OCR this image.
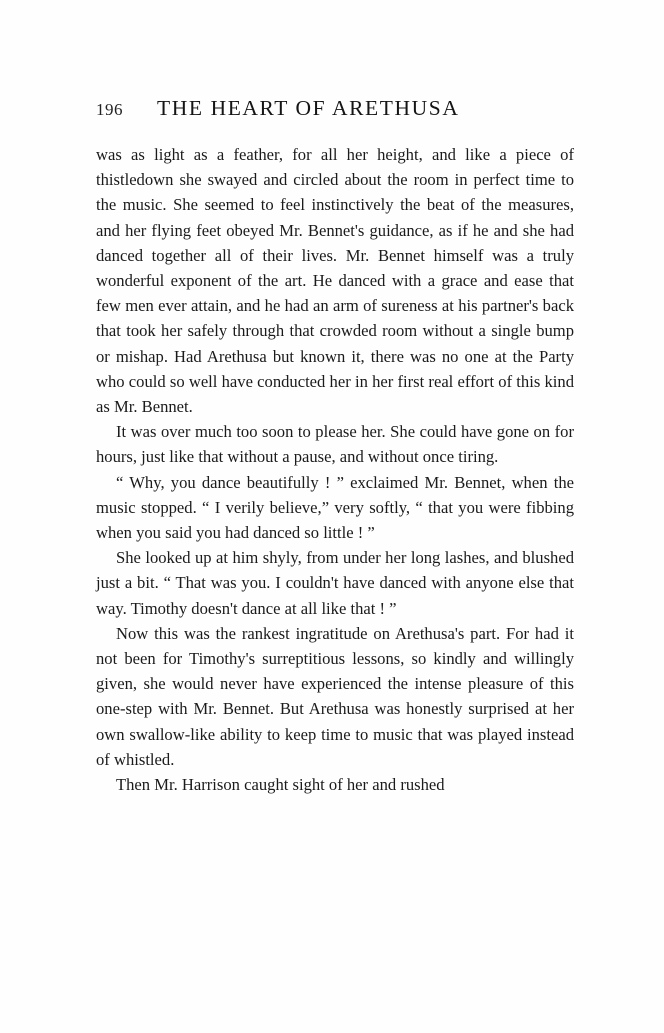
196 THE HEART OF ARETHUSA

was as light as a feather, for all her height, and like a piece of thistledown she swayed and circled about the room in perfect time to the music. She seemed to feel instinctively the beat of the measures, and her flying feet obeyed Mr. Bennet's guidance, as if he and she had danced together all of their lives. Mr. Bennet himself was a truly wonderful exponent of the art. He danced with a grace and ease that few men ever attain, and he had an arm of sureness at his partner's back that took her safely through that crowded room without a single bump or mishap. Had Arethusa but known it, there was no one at the Party who could so well have conducted her in her first real effort of this kind as Mr. Bennet.

It was over much too soon to please her. She could have gone on for hours, just like that without a pause, and without once tiring.

“ Why, you dance beautifully ! ” exclaimed Mr. Bennet, when the music stopped. “ I verily believe,” very softly, “ that you were fibbing when you said you had danced so little ! ”

She looked up at him shyly, from under her long lashes, and blushed just a bit. “ That was you. I couldn't have danced with anyone else that way. Timothy doesn't dance at all like that ! ”

Now this was the rankest ingratitude on Arethusa's part. For had it not been for Timothy's surreptitious lessons, so kindly and willingly given, she would never have experienced the intense pleasure of this one-step with Mr. Bennet. But Arethusa was honestly surprised at her own swallow-like ability to keep time to music that was played instead of whistled.

Then Mr. Harrison caught sight of her and rushed
